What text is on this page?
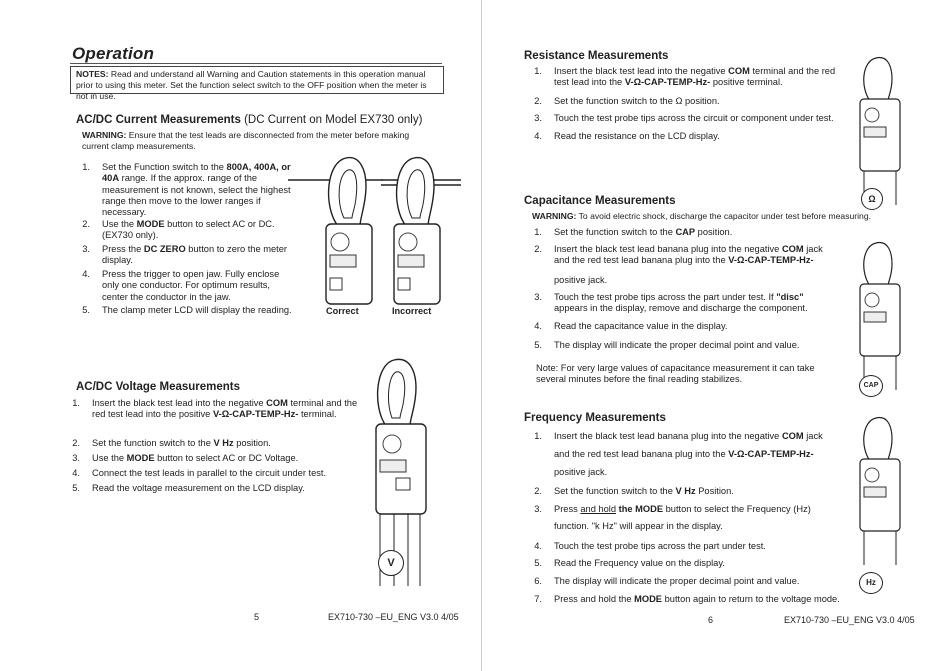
Operation
NOTES: Read and understand all Warning and Caution statements in this operation manual prior to using this meter. Set the function select switch to the OFF position when the meter is not in use.
AC/DC Current Measurements (DC Current on Model EX730 only)
WARNING: Ensure that the test leads are disconnected from the meter before making current clamp measurements.
1. Set the Function switch to the 800A, 400A, or 40A range. If the approx. range of the measurement is not known, select the highest range then move to the lower ranges if necessary.
2. Use the MODE button to select AC or DC. (EX730 only).
3. Press the DC ZERO button to zero the meter display.
4. Press the trigger to open jaw. Fully enclose only one conductor. For optimum results, center the conductor in the jaw.
5. The clamp meter LCD will display the reading.	Correct	Incorrect
AC/DC Voltage Measurements
1. Insert the black test lead into the negative COM terminal and the red test lead into the positive V-Ω-CAP-TEMP-Hz- terminal.
2. Set the function switch to the V Hz position.
3. Use the MODE button to select AC or DC Voltage.
4. Connect the test leads in parallel to the circuit under test.
5. Read the voltage measurement on the LCD display.
V
5	EX710-730 –EU_ENG V3.0 4/05
Resistance Measurements
1. Insert the black test lead into the negative COM terminal and the red test lead into the V-Ω-CAP-TEMP-Hz- positive terminal.
2. Set the function switch to the Ω position.
3. Touch the test probe tips across the circuit or component under test.
4. Read the resistance on the LCD display.
Capacitance Measurements
WARNING: To avoid electric shock, discharge the capacitor under test before measuring.
1. Set the function switch to the CAP position.
2. Insert the black test lead banana plug into the negative COM jack and the red test lead banana plug into the V-Ω-CAP-TEMP-Hz-
positive jack.
3. Touch the test probe tips across the part under test. If "disc" appears in the display, remove and discharge the component.
4. Read the capacitance value in the display.
5. The display will indicate the proper decimal point and value.
Note: For very large values of capacitance measurement it can take several minutes before the final reading stabilizes.
Frequency Measurements
1. Insert the black test lead banana plug into the negative COM jack
and the red test lead banana plug into the V-Ω-CAP-TEMP-Hz-
positive jack.
2. Set the function switch to the V Hz Position.
3. Press and hold the MODE button to select the Frequency (Hz)
function. "k Hz" will appear in the display.
4. Touch the test probe tips across the part under test.
5. Read the Frequency value on the display.
6. The display will indicate the proper decimal point and value.
7. Press and hold the MODE button again to return to the voltage mode.
Ω
CAP
Hz
6	EX710-730 –EU_ENG V3.0 4/05
